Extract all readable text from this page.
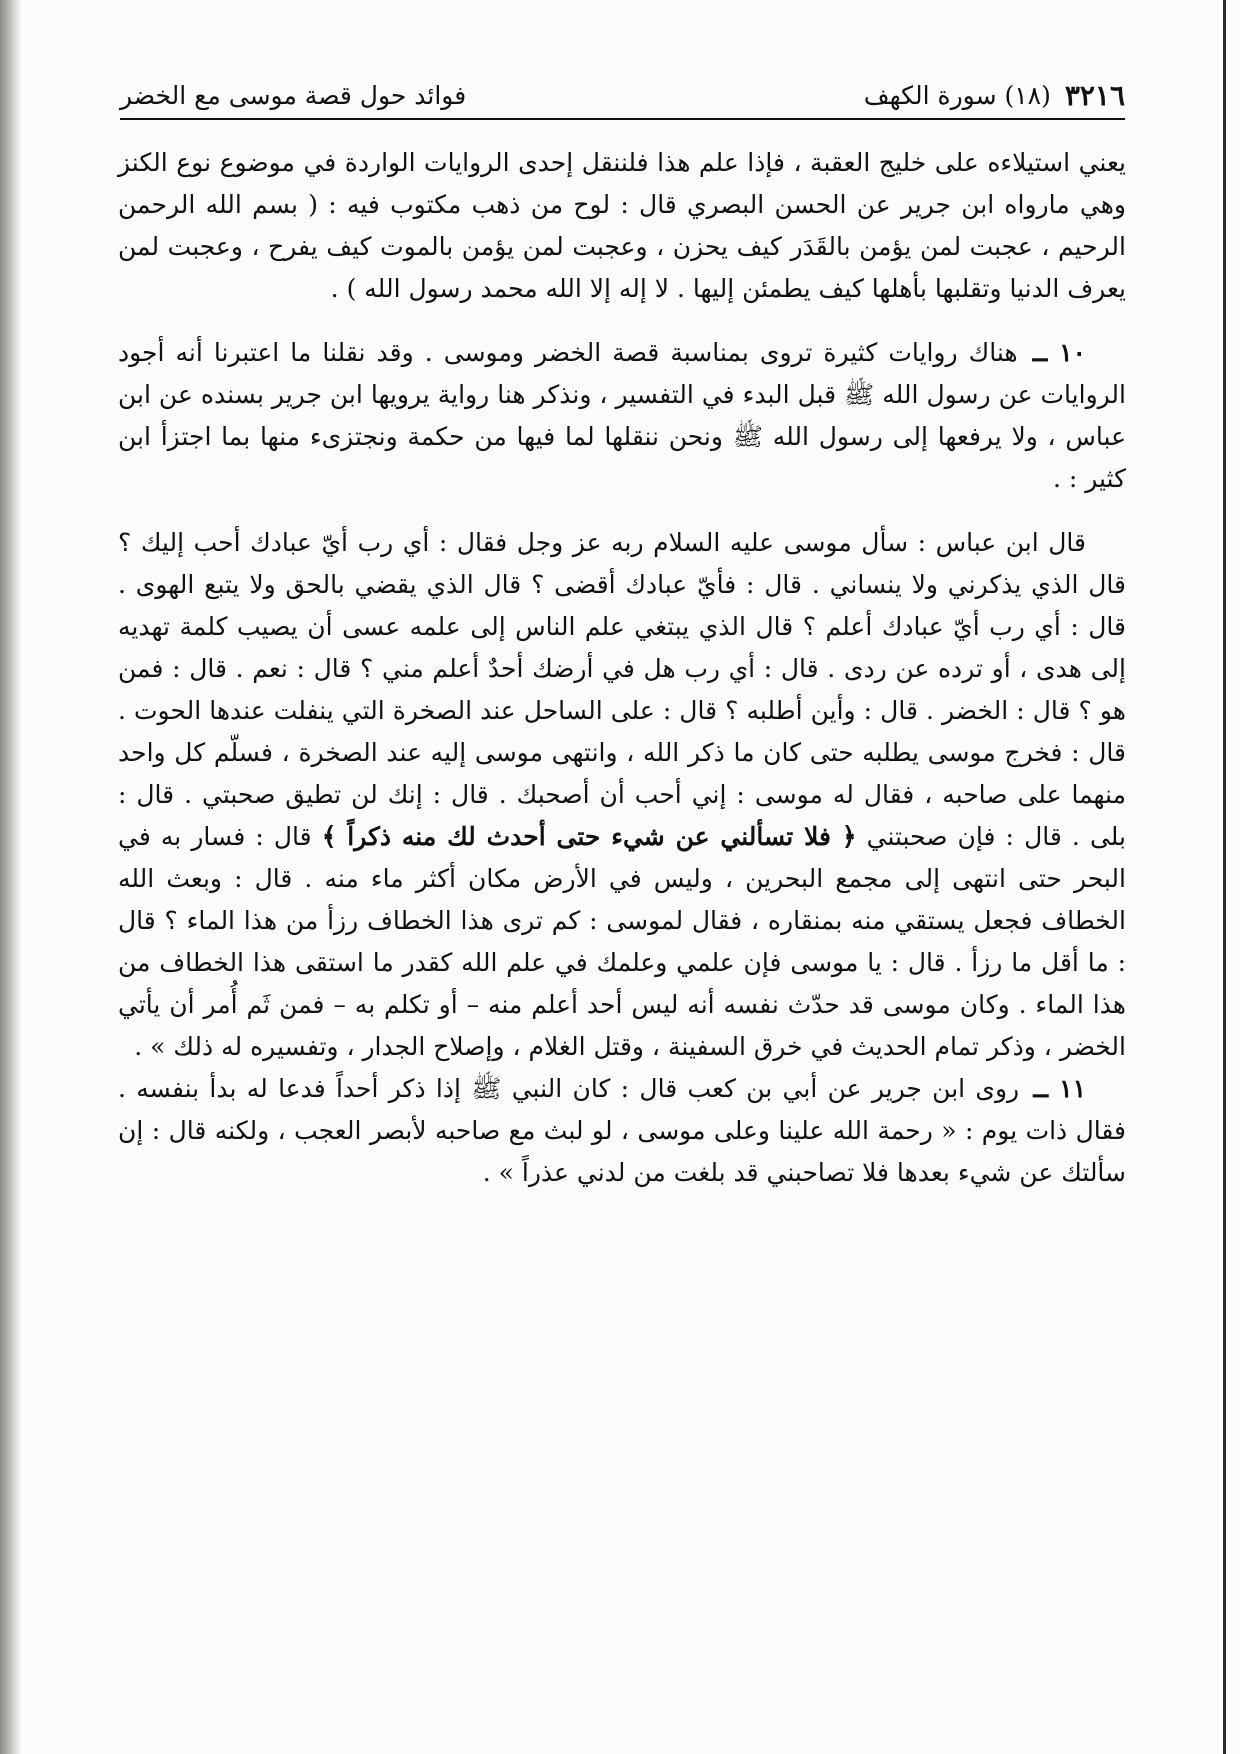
٣٢١٦
(١٨) سورة الكهف
فوائد حول قصة موسى مع الخضر

يعني استيلاءه على خليج العقبة ، فإذا علم هذا فلننقل إحدى الروايات الواردة في موضوع نوع الكنز وهي مارواه ابن جرير عن الحسن البصري قال : لوح من ذهب مكتوب فيه : ( بسم الله الرحمن الرحيم ، عجبت لمن يؤمن بالقَدَر كيف يحزن ، وعجبت لمن يؤمن بالموت كيف يفرح ، وعجبت لمن يعرف الدنيا وتقلبها بأهلها كيف يطمئن إليها . لا إله إلا الله محمد رسول الله ) .

١٠ ــ هناك روايات كثيرة تروى بمناسبة قصة الخضر وموسى . وقد نقلنا ما اعتبرنا أنه أجود الروايات عن رسول الله ﷺ قبل البدء في التفسير ، ونذكر هنا رواية يرويها ابن جرير بسنده عن ابن عباس ، ولا يرفعها إلى رسول الله ﷺ ونحن ننقلها لما فيها من حكمة ونجتزىء منها بما اجتزأ ابن كثير : .

قال ابن عباس : سأل موسى عليه السلام ربه عز وجل فقال : أي رب أيّ عبادك أحب إليك ؟ قال الذي يذكرني ولا ينساني . قال : فأيّ عبادك أقضى ؟ قال الذي يقضي بالحق ولا يتبع الهوى . قال : أي رب أيّ عبادك أعلم ؟ قال الذي يبتغي علم الناس إلى علمه عسى أن يصيب كلمة تهديه إلى هدى ، أو ترده عن ردى . قال : أي رب هل في أرضك أحدٌ أعلم مني ؟ قال : نعم . قال : فمن هو ؟ قال : الخضر . قال : وأين أطلبه ؟ قال : على الساحل عند الصخرة التي ينفلت عندها الحوت . قال : فخرج موسى يطلبه حتى كان ما ذكر الله ، وانتهى موسى إليه عند الصخرة ، فسلّم كل واحد منهما على صاحبه ، فقال له موسى : إني أحب أن أصحبك . قال : إنك لن تطيق صحبتي . قال : بلى . قال : فإن صحبتني ﴿ فلا تسألني عن شيء حتى أحدث لك منه ذكراً ﴾ قال : فسار به في البحر حتى انتهى إلى مجمع البحرين ، وليس في الأرض مكان أكثر ماء منه . قال : وبعث الله الخطاف فجعل يستقي منه بمنقاره ، فقال لموسى : كم ترى هذا الخطاف رزأ من هذا الماء ؟ قال : ما أقل ما رزأ . قال : يا موسى فإن علمي وعلمك في علم الله كقدر ما استقى هذا الخطاف من هذا الماء . وكان موسى قد حدّث نفسه أنه ليس أحد أعلم منه – أو تكلم به – فمن ثَم أُمر أن يأتي الخضر ، وذكر تمام الحديث في خرق السفينة ، وقتل الغلام ، وإصلاح الجدار ، وتفسيره له ذلك » .

١١ ــ روى ابن جرير عن أبي بن كعب قال : كان النبي ﷺ إذا ذكر أحداً فدعا له بدأ بنفسه . فقال ذات يوم : « رحمة الله علينا وعلى موسى ، لو لبث مع صاحبه لأبصر العجب ، ولكنه قال : إن سألتك عن شيء بعدها فلا تصاحبني قد بلغت من لدني عذراً » .
